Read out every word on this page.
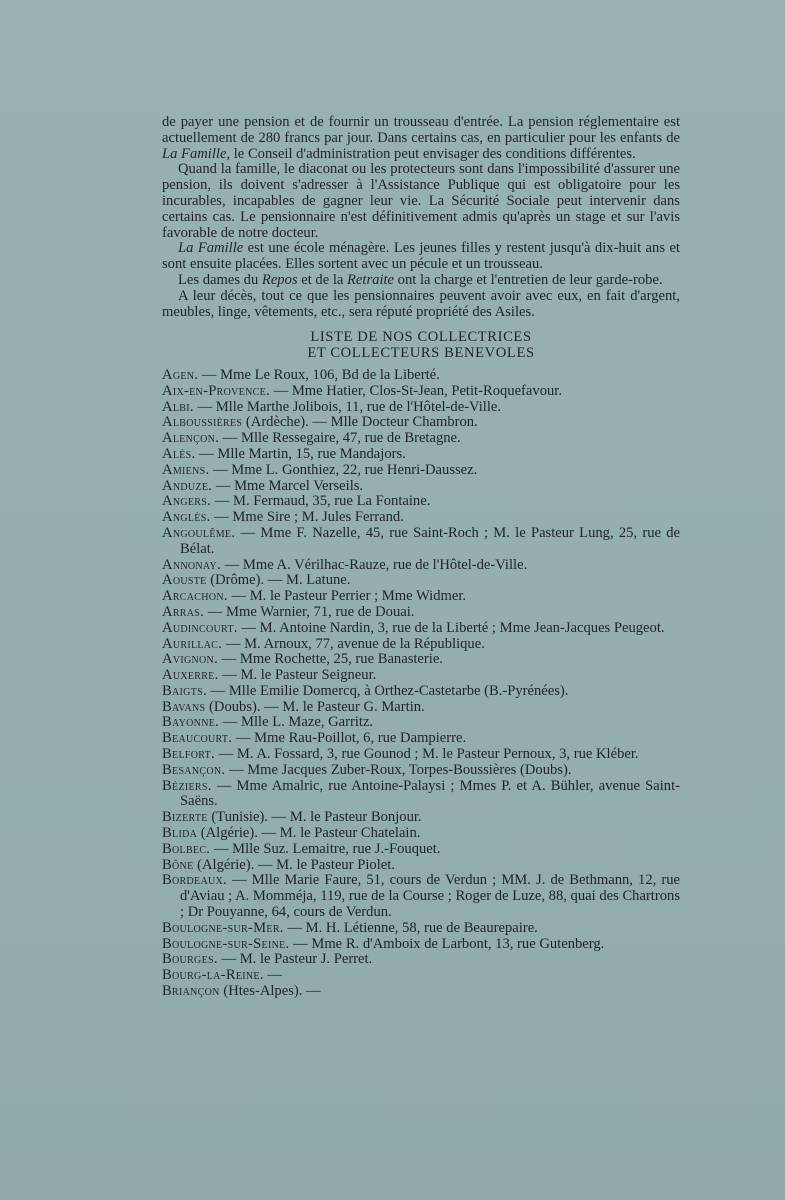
de payer une pension et de fournir un trousseau d'entrée. La pension réglementaire est actuellement de 280 francs par jour. Dans certains cas, en particulier pour les enfants de La Famille, le Conseil d'administration peut envisager des conditions différentes.

Quand la famille, le diaconat ou les protecteurs sont dans l'impossibilité d'assurer une pension, ils doivent s'adresser à l'Assistance Publique qui est obligatoire pour les incurables, incapables de gagner leur vie. La Sécurité Sociale peut intervenir dans certains cas. Le pensionnaire n'est définitivement admis qu'après un stage et sur l'avis favorable de notre docteur.

La Famille est une école ménagère. Les jeunes filles y restent jusqu'à dix-huit ans et sont ensuite placées. Elles sortent avec un pécule et un trousseau.

Les dames du Repos et de la Retraite ont la charge et l'entretien de leur garde-robe.

A leur décès, tout ce que les pensionnaires peuvent avoir avec eux, en fait d'argent, meubles, linge, vêtements, etc., sera réputé propriété des Asiles.

LISTE DE NOS COLLECTRICES
ET COLLECTEURS BENEVOLES
Agen. — Mme Le Roux, 106, Bd de la Liberté.
Aix-en-Provence. — Mme Hatier, Clos-St-Jean, Petit-Roquefavour.
Albi. — Mlle Marthe Jolibois, 11, rue de l'Hôtel-de-Ville.
Alboussières (Ardèche). — Mlle Docteur Chambron.
Alençon. — Mlle Ressegaire, 47, rue de Bretagne.
Alès. — Mlle Martin, 15, rue Mandajors.
Amiens. — Mme L. Gonthiez, 22, rue Henri-Daussez.
Anduze. — Mme Marcel Verseils.
Angers. — M. Fermaud, 35, rue La Fontaine.
Anglès. — Mme Sire ; M. Jules Ferrand.
Angoulême. — Mme F. Nazelle, 45, rue Saint-Roch ; M. le Pasteur Lung, 25, rue de Bélat.
Annonay. — Mme A. Vérilhac-Rauze, rue de l'Hôtel-de-Ville.
Aouste (Drôme). — M. Latune.
Arcachon. — M. le Pasteur Perrier ; Mme Widmer.
Arras. — Mme Warnier, 71, rue de Douai.
Audincourt. — M. Antoine Nardin, 3, rue de la Liberté ; Mme Jean-Jacques Peugeot.
Aurillac. — M. Arnoux, 77, avenue de la République.
Avignon. — Mme Rochette, 25, rue Banasterie.
Auxerre. — M. le Pasteur Seigneur.
Baigts. — Mlle Emilie Domercq, à Orthez-Castetarbe (B.-Pyrénées).
Bavans (Doubs). — M. le Pasteur G. Martin.
Bayonne. — Mlle L. Maze, Garritz.
Beaucourt. — Mme Rau-Poillot, 6, rue Dampierre.
Belfort. — M. A. Fossard, 3, rue Gounod ; M. le Pasteur Pernoux, 3, rue Kléber.
Besançon. — Mme Jacques Zuber-Roux, Torpes-Boussières (Doubs).
Béziers. — Mme Amalric, rue Antoine-Palaysi ; Mmes P. et A. Bühler, avenue Saint-Saëns.
Bizerte (Tunisie). — M. le Pasteur Bonjour.
Blida (Algérie). — M. le Pasteur Chatelain.
Bolbec. — Mlle Suz. Lemaitre, rue J.-Fouquet.
Bône (Algérie). — M. le Pasteur Piolet.
Bordeaux. — Mlle Marie Faure, 51, cours de Verdun ; MM. J. de Bethmann, 12, rue d'Aviau ; A. Momméja, 119, rue de la Course ; Roger de Luze, 88, quai des Chartrons ; Dr Pouyanne, 64, cours de Verdun.
Boulogne-sur-Mer. — M. H. Létienne, 58, rue de Beaurepaire.
Boulogne-sur-Seine. — Mme R. d'Amboix de Larbont, 13, rue Gutenberg.
Bourges. — M. le Pasteur J. Perret.
Bourg-la-Reine. —
Briançon (Htes-Alpes). —
